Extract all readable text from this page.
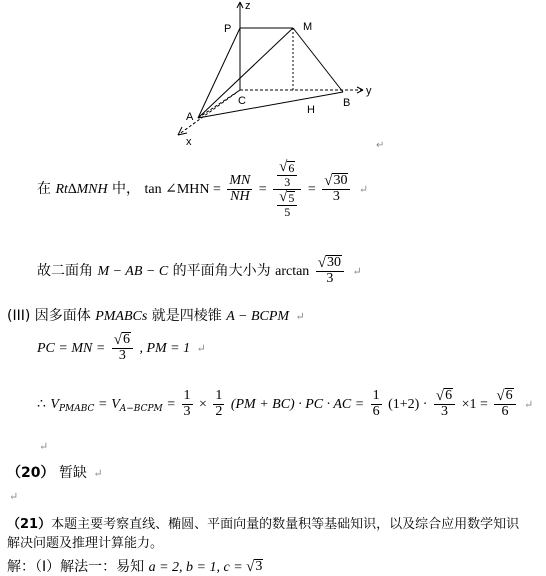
z
P	M
y
C
A
H
B
x	↵
在 Rt∆MNH 中， tan ∠MHN = $\frac{MN}{NH} = \frac{\frac{√ 6}{3}}{\frac{√ 5}{5}} = \frac{√ 30}{3}$ ↵
故二面角 M − AB − C 的平面角大小为 $\arctan \frac{√ 30}{3}$ ↵
(III) 因多面体 PMABCs 就是四棱锥 A − BCPM ↵
PC = MN = $\frac{√ 6}{3}$ , PM = 1 ↵
∴ $V_{PMABC} = V_{A-BCPM} = \frac{1}{3} \times \frac{1}{2} (PM + BC)$ · PC · AC = $\frac{1}{6} (1+2) \cdot \frac{√ 6}{3} \times 1 = \frac{√ 6}{6}$ ↵
↵
（20） 暂缺 ↵
↵
（21）本题主要考察直线、椭圆、平面向量的数量积等基础知识，以及综合应用数学知识
解决问题及推理计算能力。
解：（I）解法一：易知 a = 2, b = 1, c = √ 3
